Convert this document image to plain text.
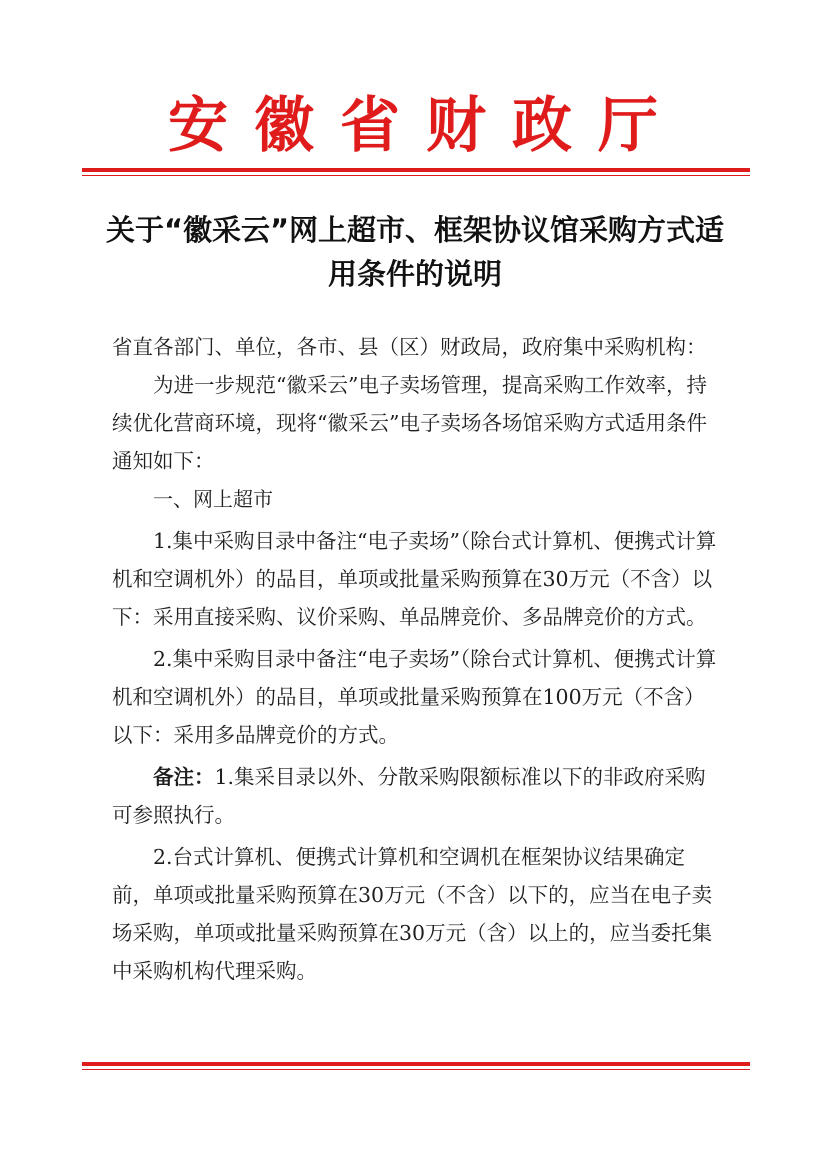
安徽省财政厅
关于“徽采云”网上超市、框架协议馆采购方式适用条件的说明

省直各部门、单位，各市、县（区）财政局，政府集中采购机构：

为进一步规范“徽采云”电子卖场管理，提高采购工作效率，持续优化营商环境，现将“徽采云”电子卖场各场馆采购方式适用条件通知如下：

一、网上超市

1.集中采购目录中备注“电子卖场”（除台式计算机、便携式计算机和空调机外）的品目，单项或批量采购预算在30万元（不含）以下：采用直接采购、议价采购、单品牌竞价、多品牌竞价的方式。

2.集中采购目录中备注“电子卖场”（除台式计算机、便携式计算机和空调机外）的品目，单项或批量采购预算在100万元（不含）以下：采用多品牌竞价的方式。

备注：1.集采目录以外、分散采购限额标准以下的非政府采购可参照执行。

2.台式计算机、便携式计算机和空调机在框架协议结果确定前，单项或批量采购预算在30万元（不含）以下的，应当在电子卖场采购，单项或批量采购预算在30万元（含）以上的，应当委托集中采购机构代理采购。
